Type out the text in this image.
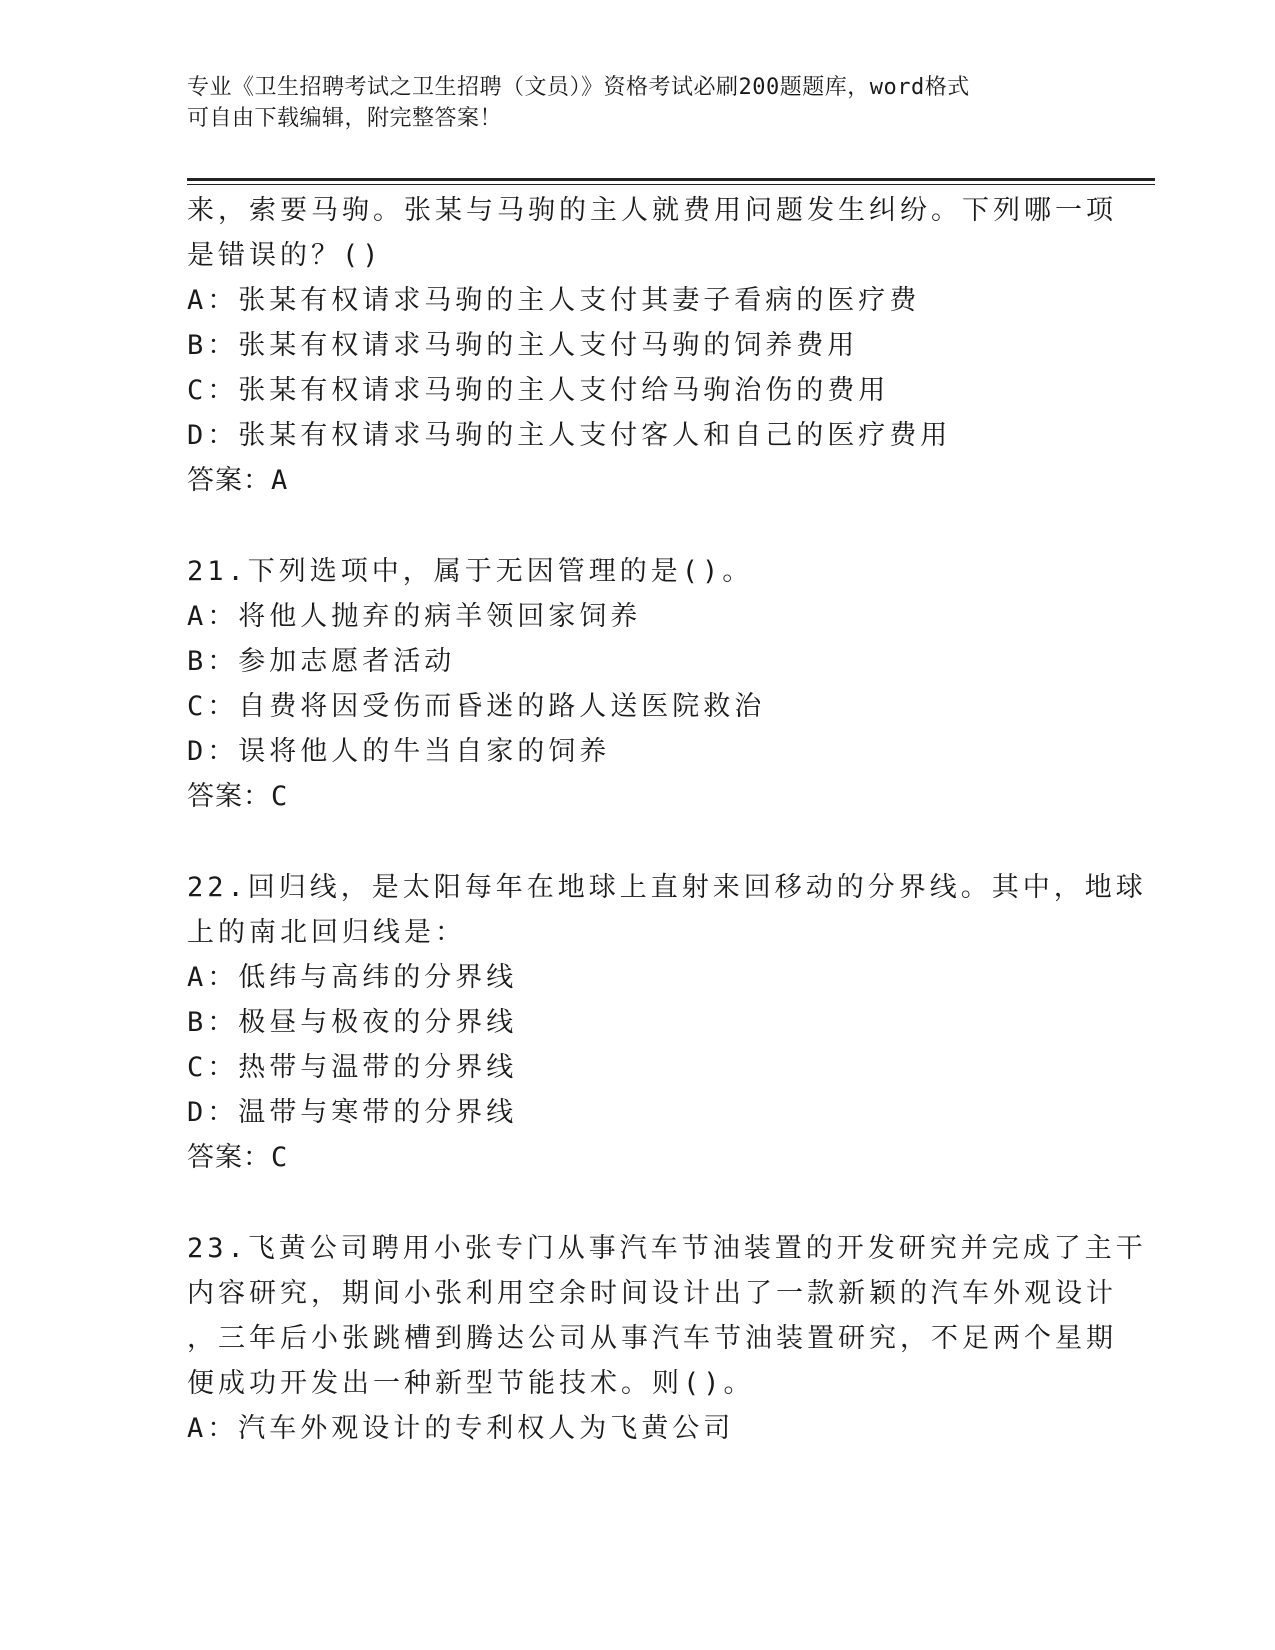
专业《卫生招聘考试之卫生招聘（文员）》资格考试必刷200题题库，word格式
可自由下载编辑，附完整答案！
来，索要马驹。张某与马驹的主人就费用问题发生纠纷。下列哪一项
是错误的？()
A：张某有权请求马驹的主人支付其妻子看病的医疗费
B：张某有权请求马驹的主人支付马驹的饲养费用
C：张某有权请求马驹的主人支付给马驹治伤的费用
D：张某有权请求马驹的主人支付客人和自己的医疗费用
答案：A
21.下列选项中，属于无因管理的是()。
A：将他人抛弃的病羊领回家饲养
B：参加志愿者活动
C：自费将因受伤而昏迷的路人送医院救治
D：误将他人的牛当自家的饲养
答案：C
22.回归线，是太阳每年在地球上直射来回移动的分界线。其中，地球
上的南北回归线是：
A：低纬与高纬的分界线
B：极昼与极夜的分界线
C：热带与温带的分界线
D：温带与寒带的分界线
答案：C
23.飞黄公司聘用小张专门从事汽车节油装置的开发研究并完成了主干
内容研究，期间小张利用空余时间设计出了一款新颖的汽车外观设计
，三年后小张跳槽到腾达公司从事汽车节油装置研究，不足两个星期
便成功开发出一种新型节能技术。则()。
A：汽车外观设计的专利权人为飞黄公司
